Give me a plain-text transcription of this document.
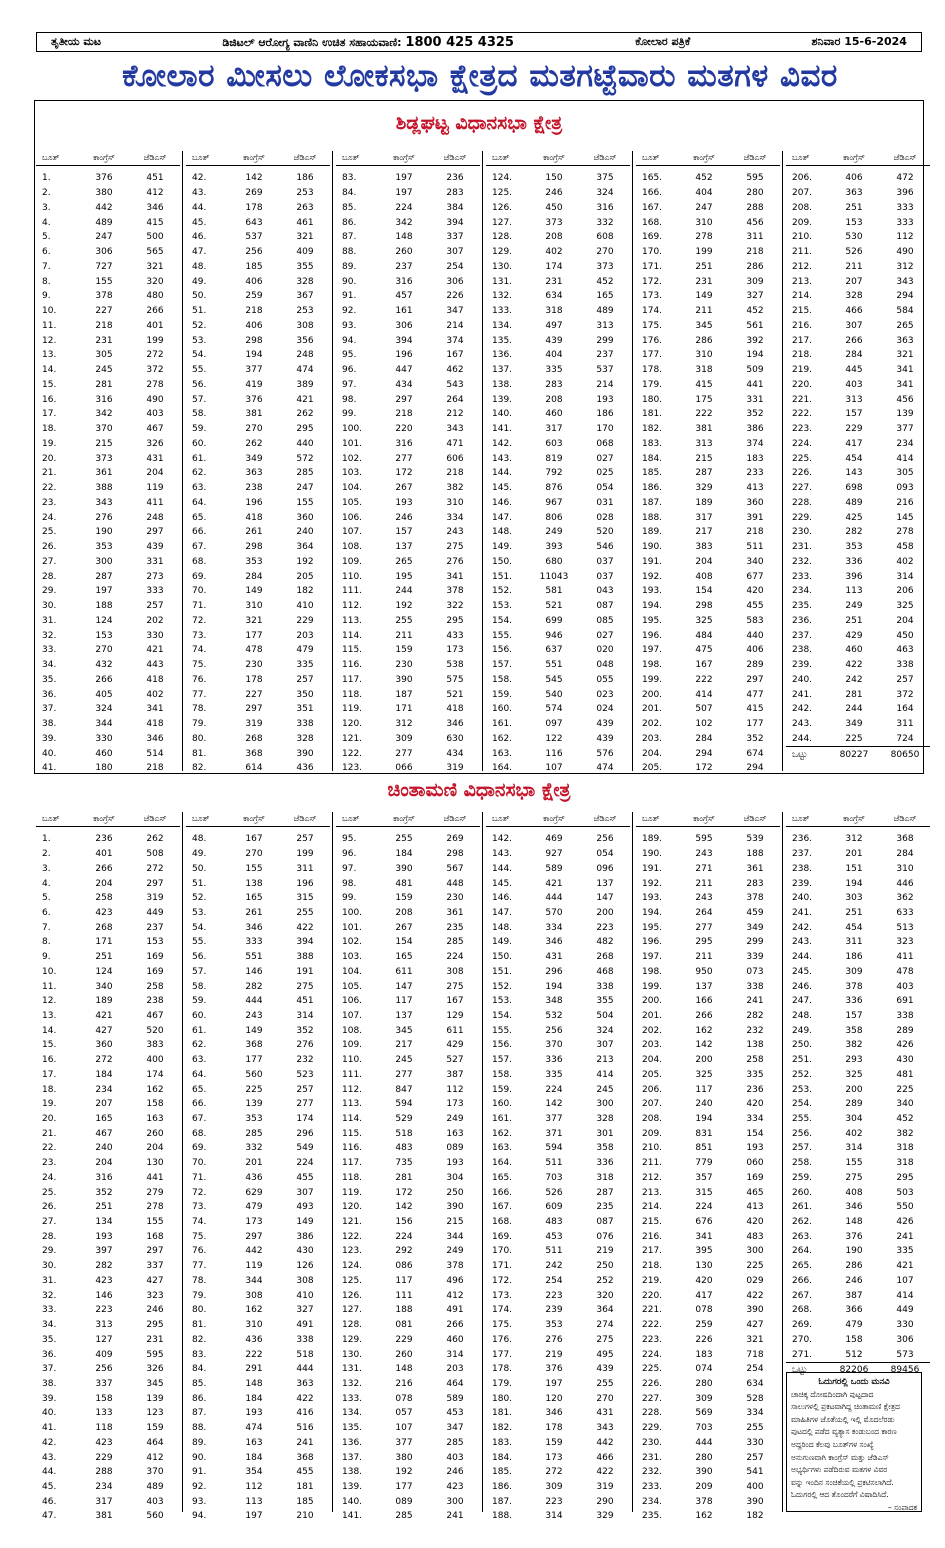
ತೃತೀಯ ಮಟ	ಡಿಜಿಟಲ್ ಆರೋಗ್ಯ ವಾಣಿನಿ ಉಚಿತ ಸಹಾಯವಾಣಿ: 1800 425 4325	ಕೋಲಾರ ಪತ್ರಿಕೆ	ಶನಿವಾರ 15-6-2024
ಕೋಲಾರ ಮೀಸಲು ಲೋಕಸಭಾ ಕ್ಷೇತ್ರದ ಮತಗಟ್ಟೆವಾರು ಮತಗಳ ವಿವರ
ಶಿಡ್ಲಘಟ್ಟ ವಿಧಾನಸಭಾ ಕ್ಷೇತ್ರ
ಬೂತ್	ಕಾಂಗ್ರೆಸ್	ಜೆಡಿಎಸ್
1.	376	451
2.	380	412
3.	442	346
4.	489	415
5.	247	500
6.	306	565
7.	727	321
8.	155	320
9.	378	480
10.	227	266
11.	218	401
12.	231	199
13.	305	272
14.	245	372
15.	281	278
16.	316	490
17.	342	403
18.	370	467
19.	215	326
20.	373	431
21.	361	204
22.	388	119
23.	343	411
24.	276	248
25.	190	297
26.	353	439
27.	300	331
28.	287	273
29.	197	333
30.	188	257
31.	124	202
32.	153	330
33.	270	421
34.	432	443
35.	266	418
36.	405	402
37.	324	341
38.	344	418
39.	330	346
40.	460	514
41.	180	218
ಬೂತ್	ಕಾಂಗ್ರೆಸ್	ಜೆಡಿಎಸ್
42.	142	186
43.	269	253
44.	178	263
45.	643	461
46.	537	321
47.	256	409
48.	185	355
49.	406	328
50.	259	367
51.	218	253
52.	406	308
53.	298	356
54.	194	248
55.	377	474
56.	419	389
57.	376	421
58.	381	262
59.	270	295
60.	262	440
61.	349	572
62.	363	285
63.	238	247
64.	196	155
65.	418	360
66.	261	240
67.	298	364
68.	353	192
69.	284	205
70.	149	182
71.	310	410
72.	321	229
73.	177	203
74.	478	479
75.	230	335
76.	178	257
77.	227	350
78.	297	351
79.	319	338
80.	268	328
81.	368	390
82.	614	436
ಬೂತ್	ಕಾಂಗ್ರೆಸ್	ಜೆಡಿಎಸ್
83.	197	236
84.	197	283
85.	224	384
86.	342	394
87.	148	337
88.	260	307
89.	237	254
90.	316	306
91.	457	226
92.	161	347
93.	306	214
94.	394	374
95.	196	167
96.	447	462
97.	434	543
98.	297	264
99.	218	212
100.	220	343
101.	316	471
102.	277	606
103.	172	218
104.	267	382
105.	193	310
106.	246	334
107.	157	243
108.	137	275
109.	265	276
110.	195	341
111.	244	378
112.	192	322
113.	255	295
114.	211	433
115.	159	173
116.	230	538
117.	390	575
118.	187	521
119.	171	418
120.	312	346
121.	309	630
122.	277	434
123.	066	319
ಬೂತ್	ಕಾಂಗ್ರೆಸ್	ಜೆಡಿಎಸ್
124.	150	375
125.	246	324
126.	450	316
127.	373	332
128.	208	608
129.	402	270
130.	174	373
131.	231	452
132.	634	165
133.	318	489
134.	497	313
135.	439	299
136.	404	237
137.	335	537
138.	283	214
139.	208	193
140.	460	186
141.	317	170
142.	603	068
143.	819	027
144.	792	025
145.	876	054
146.	967	031
147.	806	028
148.	249	520
149.	393	546
150.	680	037
151.	11043	037
152.	581	043
153.	521	087
154.	699	085
155.	946	027
156.	637	020
157.	551	048
158.	545	055
159.	540	023
160.	574	024
161.	097	439
162.	122	439
163.	116	576
164.	107	474
ಬೂತ್	ಕಾಂಗ್ರೆಸ್	ಜೆಡಿಎಸ್
165.	452	595
166.	404	280
167.	247	288
168.	310	456
169.	278	311
170.	199	218
171.	251	286
172.	231	309
173.	149	327
174.	211	452
175.	345	561
176.	286	392
177.	310	194
178.	318	509
179.	415	441
180.	175	331
181.	222	352
182.	381	386
183.	313	374
184.	215	183
185.	287	233
186.	329	413
187.	189	360
188.	317	391
189.	217	218
190.	383	511
191.	204	340
192.	408	677
193.	154	420
194.	298	455
195.	325	583
196.	484	440
197.	475	406
198.	167	289
199.	222	297
200.	414	477
201.	507	415
202.	102	177
203.	284	352
204.	294	674
205.	172	294
ಬೂತ್	ಕಾಂಗ್ರೆಸ್	ಜೆಡಿಎಸ್
206.	406	472
207.	363	396
208.	251	333
209.	153	333
210.	530	112
211.	526	490
212.	211	312
213.	207	343
214.	328	294
215.	466	584
216.	307	265
217.	266	363
218.	284	321
219.	445	341
220.	403	341
221.	313	456
222.	157	139
223.	229	377
224.	417	234
225.	454	414
226.	143	305
227.	698	093
228.	489	216
229.	425	145
230.	282	278
231.	353	458
232.	336	402
233.	396	314
234.	113	206
235.	249	325
236.	251	204
237.	429	450
238.	460	463
239.	422	338
240.	242	257
241.	281	372
242.	244	164
243.	349	311
244.	225	724
ಒಟ್ಟು	80227	80650
ಚಿಂತಾಮಣಿ ವಿಧಾನಸಭಾ ಕ್ಷೇತ್ರ
ಬೂತ್	ಕಾಂಗ್ರೆಸ್	ಜೆಡಿಎಸ್
1.	236	262
2.	401	508
3.	266	272
4.	204	297
5.	258	319
6.	423	449
7.	268	237
8.	171	153
9.	251	169
10.	124	169
11.	340	258
12.	189	238
13.	421	467
14.	427	520
15.	360	383
16.	272	400
17.	184	174
18.	234	162
19.	207	158
20.	165	163
21.	467	260
22.	240	204
23.	204	130
24.	316	441
25.	352	279
26.	251	278
27.	134	155
28.	193	168
29.	397	297
30.	282	337
31.	423	427
32.	146	323
33.	223	246
34.	313	295
35.	127	231
36.	409	595
37.	256	326
38.	337	345
39.	158	139
40.	133	123
41.	118	159
42.	423	464
43.	229	412
44.	288	370
45.	234	489
46.	317	403
47.	381	560
ಬೂತ್	ಕಾಂಗ್ರೆಸ್	ಜೆಡಿಎಸ್
48.	167	257
49.	270	199
50.	155	311
51.	138	196
52.	165	315
53.	261	255
54.	346	422
55.	333	394
56.	551	388
57.	146	191
58.	282	275
59.	444	451
60.	243	314
61.	149	352
62.	368	276
63.	177	232
64.	560	523
65.	225	257
66.	139	277
67.	353	174
68.	285	296
69.	332	549
70.	201	224
71.	436	455
72.	629	307
73.	479	493
74.	173	149
75.	297	386
76.	442	430
77.	119	126
78.	344	308
79.	308	410
80.	162	327
81.	310	491
82.	436	338
83.	222	518
84.	291	444
85.	148	363
86.	184	422
87.	193	416
88.	474	516
89.	163	241
90.	184	368
91.	354	455
92.	112	181
93.	113	185
94.	197	210
ಬೂತ್	ಕಾಂಗ್ರೆಸ್	ಜೆಡಿಎಸ್
95.	255	269
96.	184	298
97.	390	567
98.	481	448
99.	159	230
100.	208	361
101.	267	235
102.	154	285
103.	165	224
104.	611	308
105.	147	275
106.	117	167
107.	137	129
108.	345	611
109.	217	429
110.	245	527
111.	277	387
112.	847	112
113.	594	173
114.	529	249
115.	518	163
116.	483	089
117.	735	193
118.	281	304
119.	172	250
120.	142	390
121.	156	215
122.	224	344
123.	292	249
124.	086	378
125.	117	496
126.	111	412
127.	188	491
128.	081	266
129.	229	460
130.	260	314
131.	148	203
132.	216	464
133.	078	589
134.	057	453
135.	107	347
136.	377	285
137.	380	403
138.	192	246
139.	177	423
140.	089	300
141.	285	241
ಬೂತ್	ಕಾಂಗ್ರೆಸ್	ಜೆಡಿಎಸ್
142.	469	256
143.	927	054
144.	589	096
145.	421	137
146.	444	147
147.	570	200
148.	334	223
149.	346	482
150.	431	268
151.	296	468
152.	194	338
153.	348	355
154.	532	504
155.	256	324
156.	370	307
157.	336	213
158.	335	414
159.	224	245
160.	142	300
161.	377	328
162.	371	301
163.	594	358
164.	511	336
165.	703	318
166.	526	287
167.	609	235
168.	483	087
169.	453	076
170.	511	219
171.	242	250
172.	254	252
173.	223	320
174.	239	364
175.	353	274
176.	276	275
177.	219	495
178.	376	439
179.	197	255
180.	120	270
181.	346	431
182.	178	343
183.	159	442
184.	173	466
185.	272	422
186.	309	319
187.	223	290
188.	314	329
ಬೂತ್	ಕಾಂಗ್ರೆಸ್	ಜೆಡಿಎಸ್
189.	595	539
190.	243	188
191.	271	361
192.	211	283
193.	243	378
194.	264	459
195.	277	349
196.	295	299
197.	211	339
198.	950	073
199.	137	338
200.	166	241
201.	266	282
202.	162	232
203.	142	138
204.	200	258
205.	325	335
206.	117	236
207.	240	420
208.	194	334
209.	831	154
210.	851	193
211.	779	060
212.	357	169
213.	315	465
214.	224	413
215.	676	420
216.	341	483
217.	395	300
218.	130	225
219.	420	029
220.	417	422
221.	078	390
222.	259	427
223.	226	321
224.	183	718
225.	074	254
226.	280	634
227.	309	528
228.	569	334
229.	703	255
230.	444	330
231.	280	257
232.	390	541
233.	209	400
234.	378	390
235.	162	182
ಬೂತ್	ಕಾಂಗ್ರೆಸ್	ಜೆಡಿಎಸ್
236.	312	368
237.	201	284
238.	151	310
239.	194	446
240.	303	362
241.	251	633
242.	454	513
243.	311	323
244.	186	411
245.	309	478
246.	378	403
247.	336	691
248.	157	338
249.	358	289
250.	382	426
251.	293	430
252.	325	481
253.	200	225
254.	289	340
255.	304	452
256.	402	382
257.	314	318
258.	155	318
259.	275	295
260.	408	503
261.	346	550
262.	148	426
263.	376	241
264.	190	335
265.	286	421
266.	246	107
267.	387	414
268.	366	449
269.	479	330
270.	158	306
271.	512	573
ಒಟ್ಟು	82206	89456
ಓದುಗರಲ್ಲಿ ಒಂದು ಮನವಿ
ಚಾಚಿಕ್ಕ ದೋಷದಿಂದಾಗಿ ಪುಟ್ಟದಾದ
ಸಾಲುಗಳಲ್ಲಿ ಪ್ರಕಟವಾಗಿದ್ದ ಚಿಂತಾಮಣಿ ಕ್ಷೇತ್ರದ
ಮಾಹಿತಿಗಳ ಜೊತೆಯಲ್ಲಿ ಇಲ್ಲಿ ಮೊದಲೆರಡು
ಪುಟದಲ್ಲಿ ಪಡೆದ ವ್ಯತ್ಯಾಸ ಕಂಡುಬಂದ ಕಾರಣ
ಅದ್ದರಿಂದ ಕೆಲವು ಬೂತ್‌ಗಳ ಸಂಖ್ಯೆ
ಅನುಗುಣವಾಗಿ ಕಾಂಗ್ರೆಸ್ ಮತ್ತು ಜೆಡಿಎಸ್
ಅಭ್ಯರ್ಥಿಗಳು ಪಡೆದಿರುವ ಮತಗಳ ವಿವರ
ವನ್ನು ಇಂದಿನ ಸಂಚಿಕೆಯಲ್ಲಿ ಪ್ರಕಟಿಸಲಾಗಿದೆ.
ಓದುಗರಲ್ಲಿ ಆದ ತೊಂದರೆಗೆ ವಿಷಾದಿಸಿದೆ.
– ಸಂಪಾದಕ
